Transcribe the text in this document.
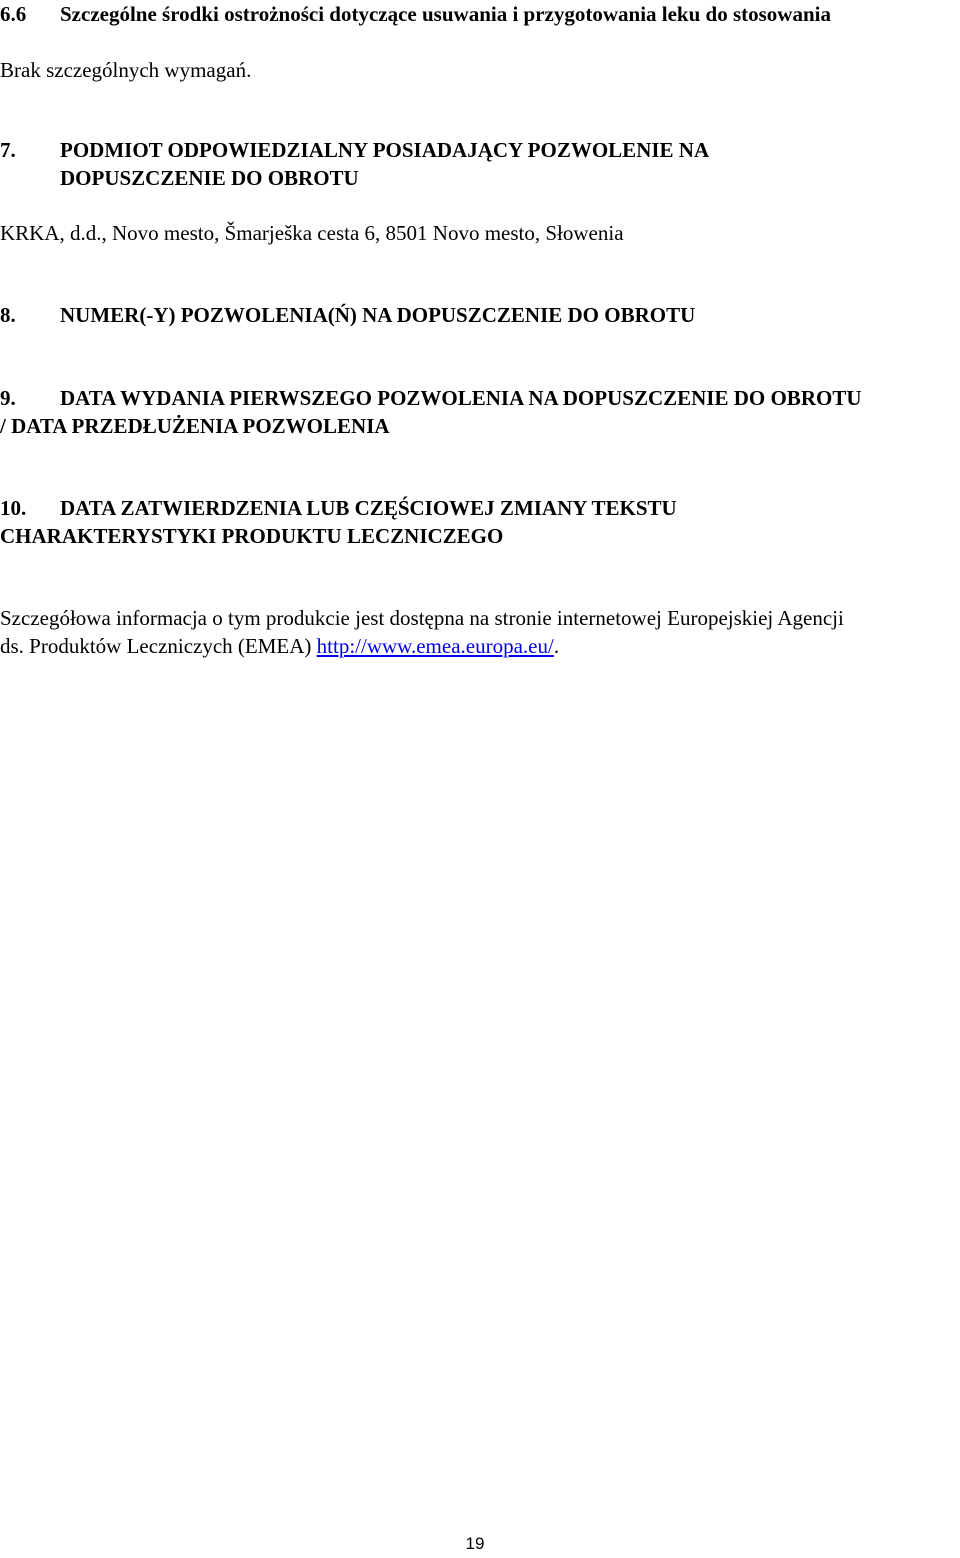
6.6	Szczególne środki ostrożności dotyczące usuwania i przygotowania leku do stosowania
Brak szczególnych wymagań.
7.	PODMIOT ODPOWIEDZIALNY POSIADAJĄCY POZWOLENIE NA
DOPUSZCZENIE DO OBROTU
KRKA, d.d., Novo mesto, Šmarješka cesta 6, 8501 Novo mesto, Słowenia
8.	NUMER(-Y) POZWOLENIA(Ń) NA DOPUSZCZENIE DO OBROTU
9.	DATA WYDANIA PIERWSZEGO POZWOLENIA NA DOPUSZCZENIE DO OBROTU
/ DATA PRZEDŁUŻENIA POZWOLENIA
10.	DATA ZATWIERDZENIA LUB CZĘŚCIOWEJ ZMIANY TEKSTU
CHARAKTERYSTYKI PRODUKTU LECZNICZEGO
Szczegółowa informacja o tym produkcie jest dostępna na stronie internetowej Europejskiej Agencji
ds. Produktów Leczniczych (EMEA) http://www.emea.europa.eu/.
19
